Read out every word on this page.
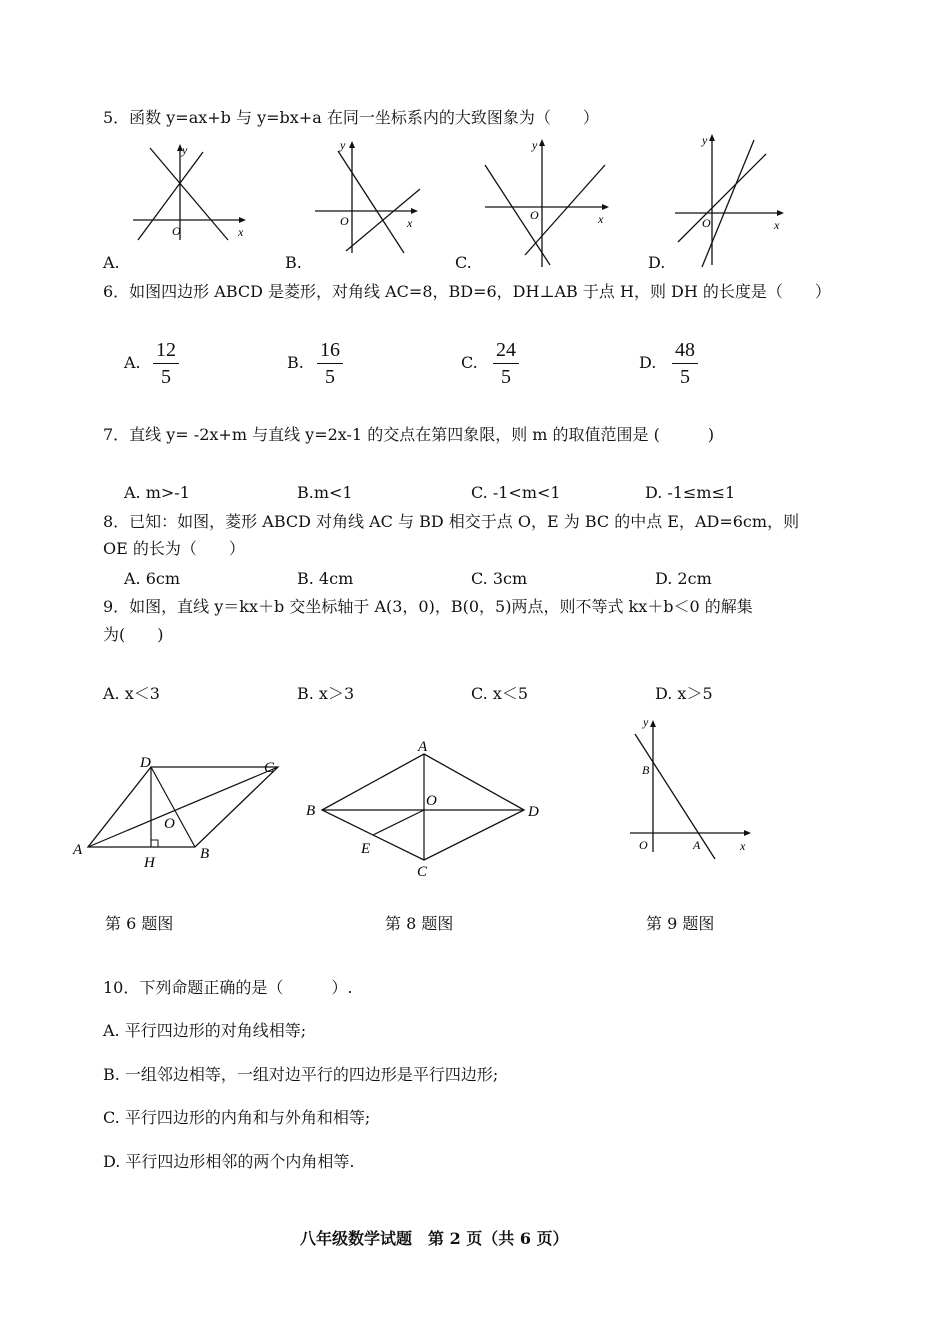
5．函数 y=ax+b 与 y=bx+a 在同一坐标系内的大致图象为（　　）
y
x
O
A.
y
x
O
B.
y
x
O
C.
y
x
O
D.
6．如图四边形 ABCD 是菱形，对角线 AC=8，BD=6，DH⊥AB 于点 H，则 DH 的长度是（　　）
A.
12
5
B.
16
5
C.
24
5
D.
48
5
7．直线 y= -2x+m 与直线 y=2x-1 的交点在第四象限，则 m 的取值范围是 (　　　)
A. m>-1	B.m<1	C. -1<m<1	D. -1≤m≤1
8．已知：如图，菱形 ABCD 对角线 AC 与 BD 相交于点 O，E 为 BC 的中点 E，AD=6cm，则
OE 的长为（　　）
A. 6cm	B. 4cm	C. 3cm	D. 2cm
9．如图，直线 y＝kx＋b 交坐标轴于 A(3，0)，B(0，5)两点，则不等式 kx＋b＜0 的解集
为(　　)
A. x＜3	B. x＞3	C. x＜5	D. x＞5
A	B
C
D
O
H
A
B
C
D
O
E
y
x
O	A
B
第 6 题图	第 8 题图	第 9 题图
10．下列命题正确的是（　　　）.
A. 平行四边形的对角线相等;
B. 一组邻边相等，一组对边平行的四边形是平行四边形;
C. 平行四边形的内角和与外角和相等;
D. 平行四边形相邻的两个内角相等.
八年级数学试题　第 2 页（共 6 页）
